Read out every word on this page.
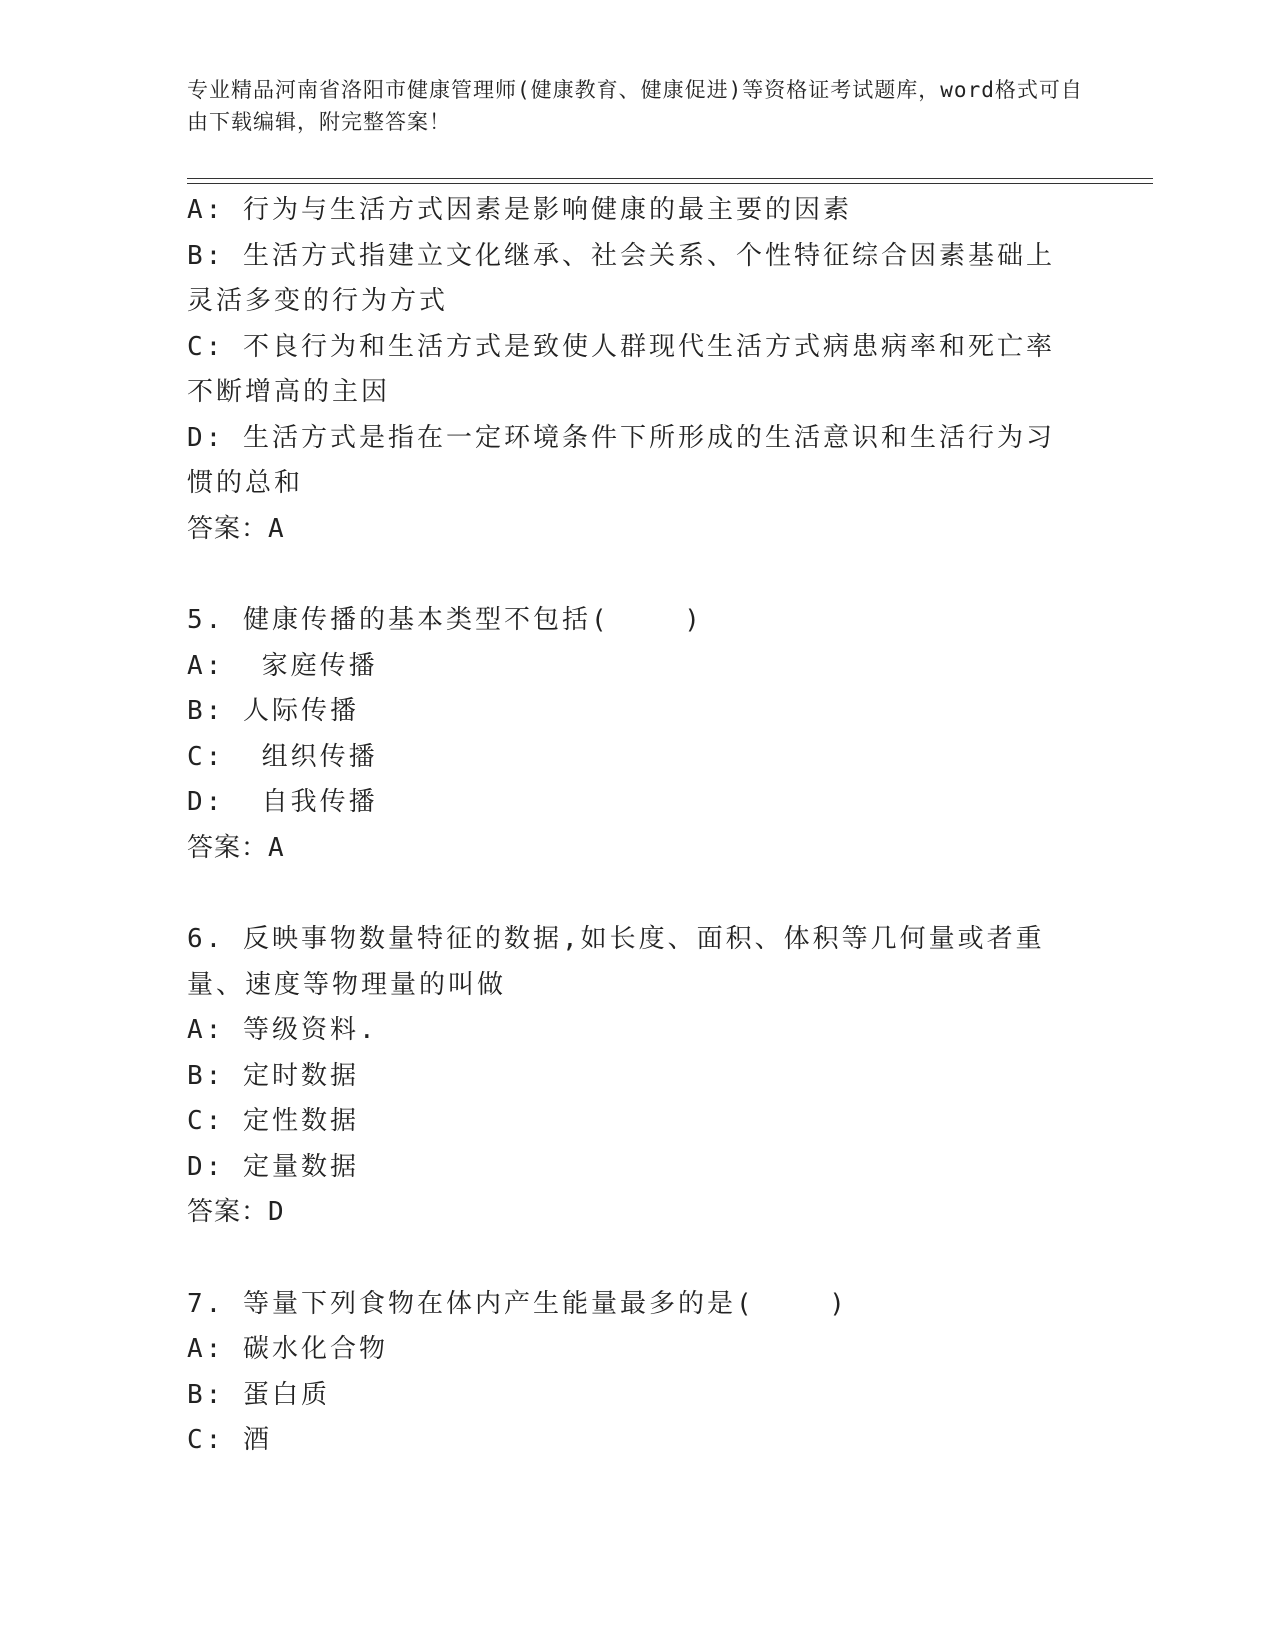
专业精品河南省洛阳市健康管理师(健康教育、健康促进)等资格证考试题库，word格式可自由下载编辑，附完整答案！
A: 行为与生活方式因素是影响健康的最主要的因素
B: 生活方式指建立文化继承、社会关系、个性特征综合因素基础上灵活多变的行为方式
C: 不良行为和生活方式是致使人群现代生活方式病患病率和死亡率不断增高的主因
D: 生活方式是指在一定环境条件下所形成的生活意识和生活行为习惯的总和
答案：A
5. 健康传播的基本类型不包括(    )
A:  家庭传播
B: 人际传播
C:  组织传播
D:  自我传播
答案：A
6. 反映事物数量特征的数据,如长度、面积、体积等几何量或者重量、速度等物理量的叫做
A: 等级资料.
B: 定时数据
C: 定性数据
D: 定量数据
答案：D
7. 等量下列食物在体内产生能量最多的是(    )
A: 碳水化合物
B: 蛋白质
C: 酒
